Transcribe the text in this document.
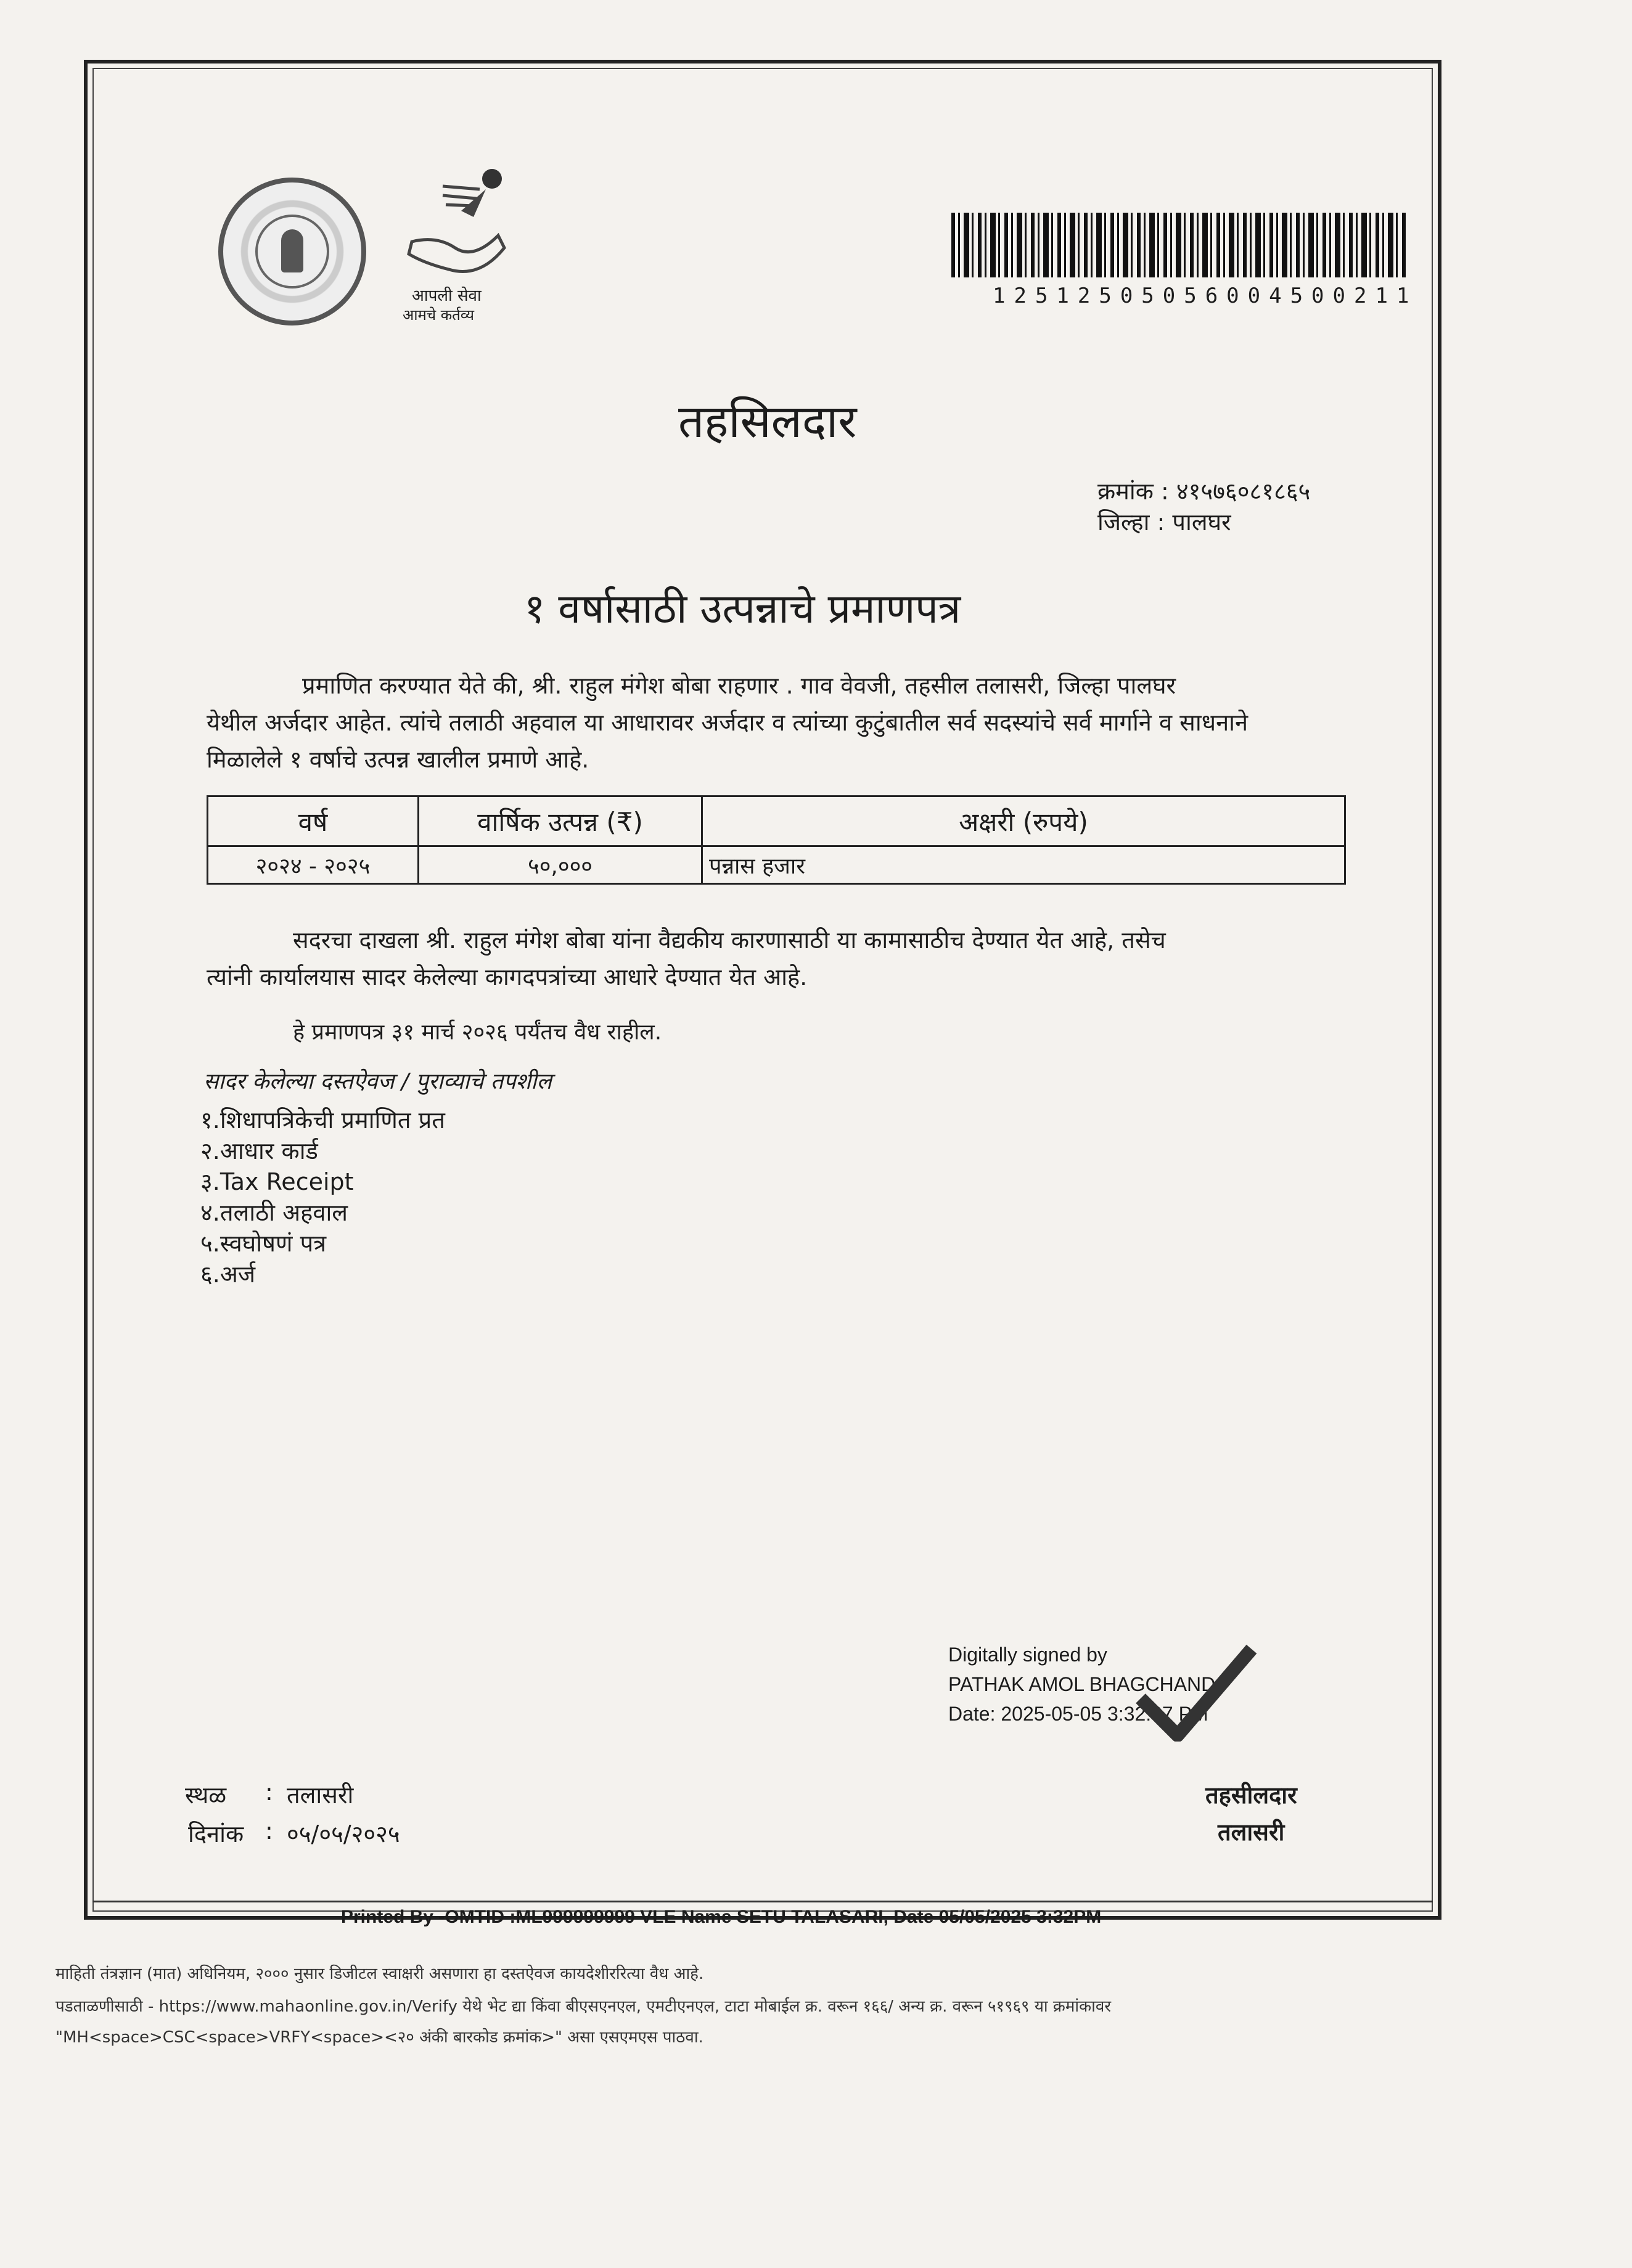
आपली सेवा
आमचे कर्तव्य
12512505056004500211
तहसिलदार
क्रमांक : ४१५७६०८१८६५
जिल्हा : पालघर
१ वर्षासाठी उत्पन्नाचे प्रमाणपत्र
प्रमाणित करण्यात येते की, श्री. राहुल मंगेश बोबा राहणार . गाव वेवजी, तहसील तलासरी, जिल्हा पालघर
येथील अर्जदार आहेत. त्यांचे तलाठी अहवाल या आधारावर अर्जदार व त्यांच्या कुटुंबातील सर्व सदस्यांचे सर्व मार्गाने व साधनाने
मिळालेले १ वर्षाचे उत्पन्न खालील प्रमाणे आहे.
वर्ष	वार्षिक उत्पन्न (₹)	अक्षरी (रुपये)
२०२४ - २०२५	५०,०००	पन्नास हजार
सदरचा दाखला श्री. राहुल मंगेश बोबा यांना वैद्यकीय कारणासाठी या कामासाठीच देण्यात येत आहे, तसेच
त्यांनी कार्यालयास सादर केलेल्या कागदपत्रांच्या आधारे देण्यात येत आहे.
हे प्रमाणपत्र ३१ मार्च २०२६ पर्यंतच वैध राहील.
सादर केलेल्या दस्तऐवज / पुराव्याचे तपशील
१.शिधापत्रिकेची प्रमाणित प्रत
२.आधार कार्ड
३.Tax Receipt
४.तलाठी अहवाल
५.स्वघोषणं पत्र
६.अर्ज
Digitally signed by
PATHAK AMOL BHAGCHAND
Date: 2025-05-05 3:32:37 PM
स्थळ : तलासरी
दिनांक : ०५/०५/२०२५
तहसीलदार
तलासरी
Printed By -OMTID :ML999999999 VLE Name SETU TALASARI, Date 05/05/2025 3:32PM
माहिती तंत्रज्ञान (मात) अधिनियम, २००० नुसार डिजीटल स्वाक्षरी असणारा हा दस्तऐवज कायदेशीररित्या वैध आहे.
पडताळणीसाठी - https://www.mahaonline.gov.in/Verify येथे भेट द्या किंवा बीएसएनएल, एमटीएनएल, टाटा मोबाईल क्र. वरून १६६/ अन्य क्र. वरून ५१९६९ या क्रमांकावर
"MH<space>CSC<space>VRFY<space><२० अंकी बारकोड क्रमांक>" असा एसएमएस पाठवा.
